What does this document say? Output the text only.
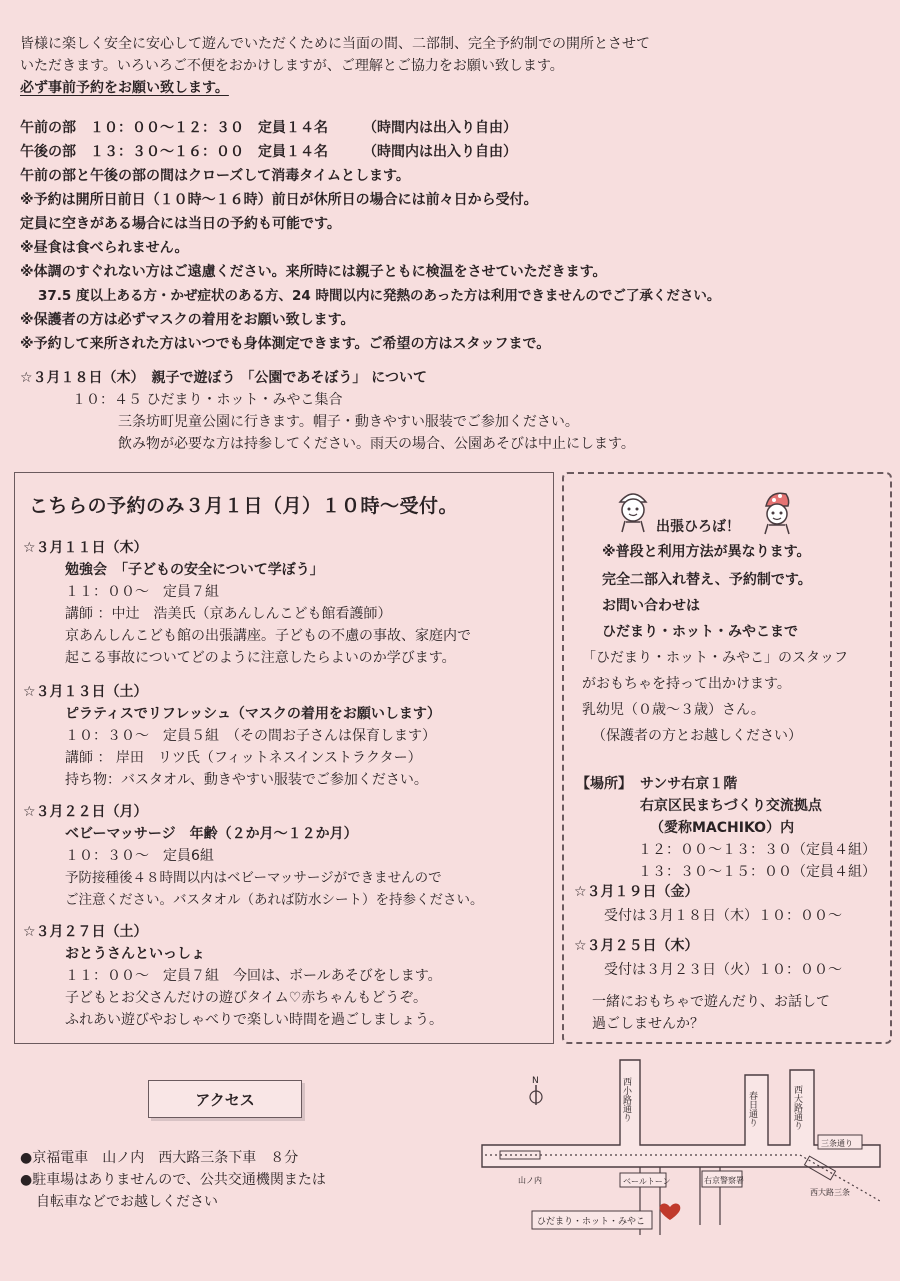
皆様に楽しく安全に安心して遊んでいただくために当面の間、二部制、完全予約制での開所とさせて
いただきます。いろいろご不便をおかけしますが、ご理解とご協力をお願い致します。
必ず事前予約をお願い致します。
午前の部　１０：００～１２：３０　定員１４名　　　（時間内は出入り自由）
午後の部　１３：３０～１６：００　定員１４名　　　（時間内は出入り自由）
午前の部と午後の部の間はクローズして消毒タイムとします。
※予約は開所日前日（１０時～１６時）前日が休所日の場合には前々日から受付。
定員に空きがある場合には当日の予約も可能です。
※昼食は食べられません。
※体調のすぐれない方はご遠慮ください。来所時には親子ともに検温をさせていただきます。
37.5 度以上ある方・かぜ症状のある方、24 時間以内に発熱のあった方は利用できませんのでご了承ください。
※保護者の方は必ずマスクの着用をお願い致します。
※予約して来所された方はいつでも身体測定できます。ご希望の方はスタッフまで。
☆３月１８日（木）　親子で遊ぼう 「公園であそぼう」 について
１０：４５ ひだまり・ホット・みやこ集合
三条坊町児童公園に行きます。帽子・動きやすい服装でご参加ください。
飲み物が必要な方は持参してください。雨天の場合、公園あそびは中止にします。
こちらの予約のみ３月１日（月）１０時～受付。
☆３月１１日（木）
勉強会　「子どもの安全について学ぼう」
１１：００～　定員７組
講師 ：中辻　浩美氏（京あんしんこども館看護師）
京あんしんこども館の出張講座。子どもの不慮の事故、家庭内で
起こる事故についてどのように注意したらよいのか学びます。
☆３月１３日（土）
ピラティスでリフレッシュ（マスクの着用をお願いします）
１０：３０～　定員５組　（その間お子さんは保育します）
講師 ： 岸田　リツ氏（フィットネスインストラクター）
持ち物：バスタオル、動きやすい服装でご参加ください。
☆３月２２日（月）
ベビーマッサージ　年齢（２か月～１２か月）
１０：３０～　定員6組
予防接種後４８時間以内はベビーマッサージができませんので
ご注意ください。バスタオル（あれば防水シート）を持参ください。
☆３月２７日（土）
おとうさんといっしょ
１１：００～　定員７組　今回は、ボールあそびをします。
子どもとお父さんだけの遊びタイム♡赤ちゃんもどうぞ。
ふれあい遊びやおしゃべりで楽しい時間を過ごしましょう。
出張ひろば！
※普段と利用方法が異なります。
完全二部入れ替え、予約制です。
お問い合わせは
ひだまり・ホット・みやこまで
「ひだまり・ホット・みやこ」のスタッフ
がおもちゃを持って出かけます。
乳幼児（０歳～３歳）さん。
（保護者の方とお越しください）
【場所】 サンサ右京１階
右京区民まちづくり交流拠点
（愛称MACHIKO）内
１２：００～１３：３０（定員４組）
１３：３０～１５：００（定員４組）
☆３月１９日（金）
受付は３月１８日（木）１０：００～
☆３月２５日（木）
受付は３月２３日（火）１０：００～
一緒におもちゃで遊んだり、お話して
過ごしませんか？
アクセス
●京福電車　山ノ内　西大路三条下車　８分
●駐車場はありませんので、公共交通機関または
自転車などでお越しください
N	西小路通り	春日通り	西大路通り
三条通り
山ノ内
西大路三条
ベールトーン	右京警察署
ひだまり・ホット・みやこ
